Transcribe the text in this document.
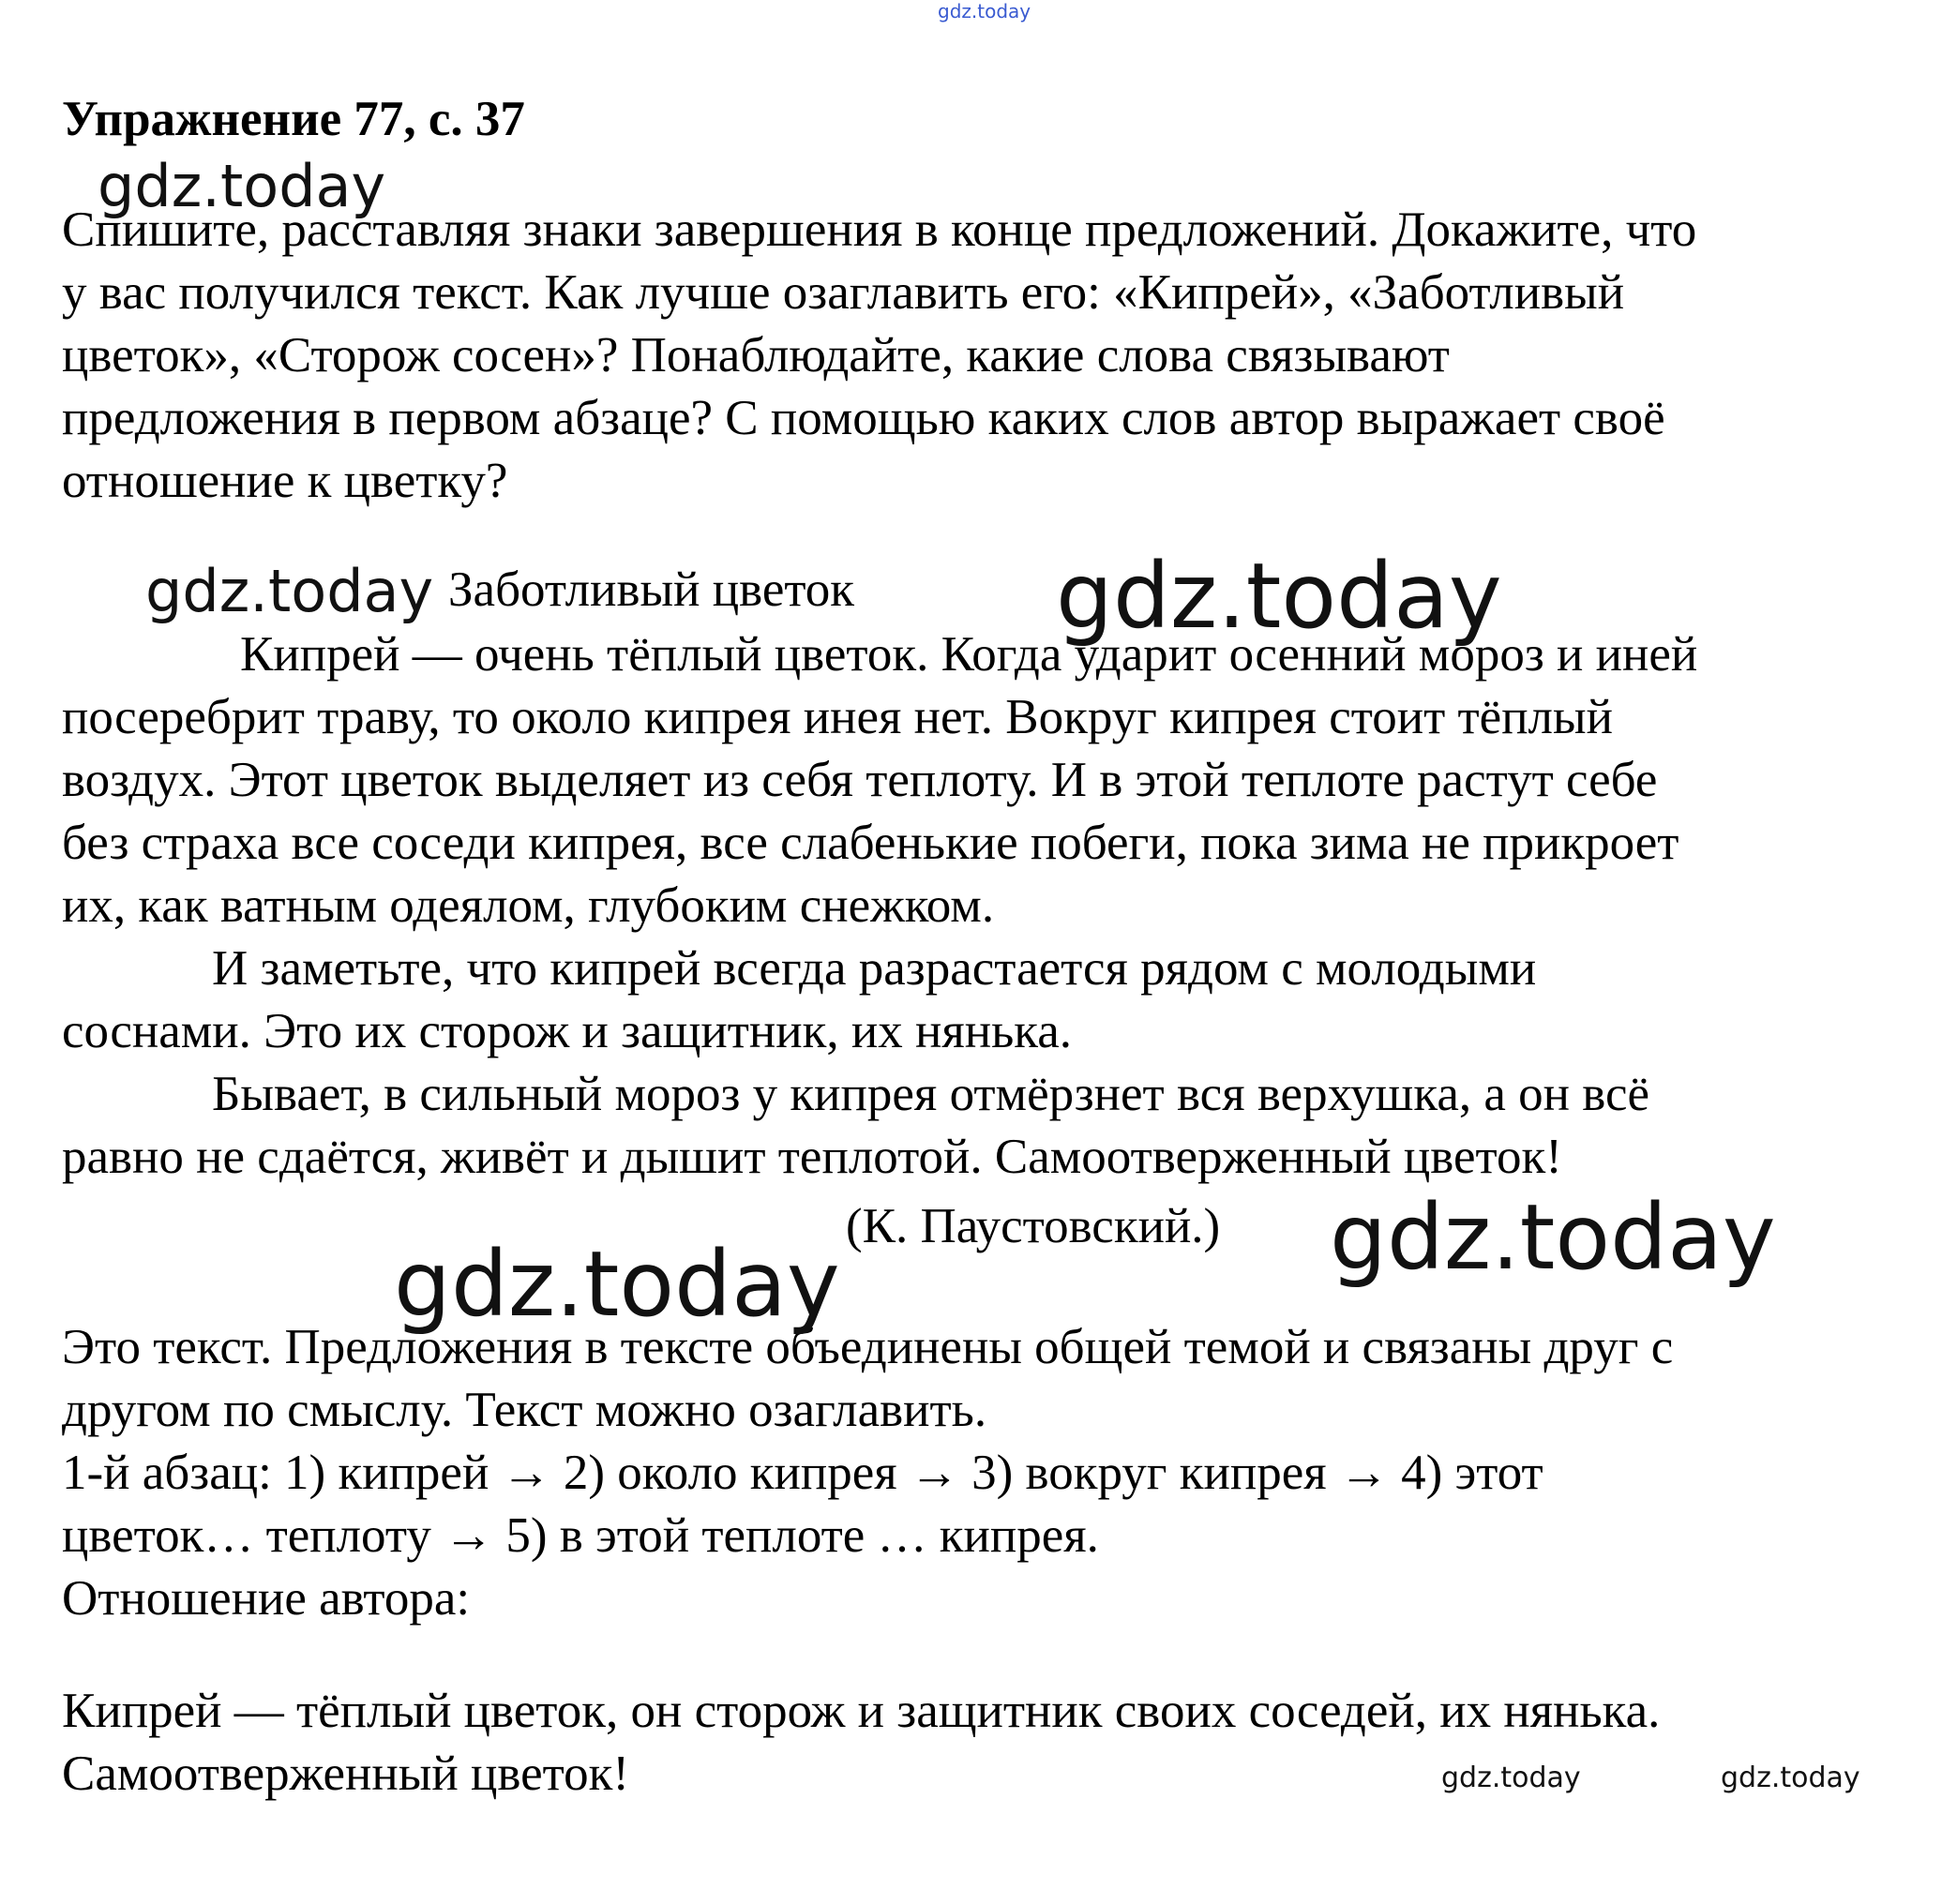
gdz.today
Упражнение 77, с. 37
Спишите, расставляя знаки завершения в конце предложений. Докажите, что
у вас получился текст. Как лучше озаглавить его: «Кипрей», «Заботливый
цветок», «Сторож сосен»? Понаблюдайте, какие слова связывают
предложения в первом абзаце? С помощью каких слов автор выражает своё
отношение к цветку?
Заботливый цветок
Кипрей — очень тёплый цветок. Когда ударит осенний мороз и иней
посеребрит траву, то около кипрея инея нет. Вокруг кипрея стоит тёплый
воздух. Этот цветок выделяет из себя теплоту. И в этой теплоте растут себе
без страха все соседи кипрея, все слабенькие побеги, пока зима не прикроет
их, как ватным одеялом, глубоким снежком.
И заметьте, что кипрей всегда разрастается рядом с молодыми
соснами. Это их сторож и защитник, их нянька.
Бывает, в сильный мороз у кипрея отмёрзнет вся верхушка, а он всё
равно не сдаётся, живёт и дышит теплотой. Самоотверженный цветок!
(К. Паустовский.)
Это текст. Предложения в тексте объединены общей темой и связаны друг с
другом по смыслу. Текст можно озаглавить.
1-й абзац: 1) кипрей → 2) около кипрея → 3) вокруг кипрея → 4) этот
цветок… теплоту → 5) в этой теплоте … кипрея.
Отношение автора:
Кипрей — тёплый цветок, он сторож и защитник своих соседей, их нянька.
Самоотверженный цветок!
gdz.today
gdz.today	gdz.today
gdz.today
gdz.today
gdz.today	gdz.today
